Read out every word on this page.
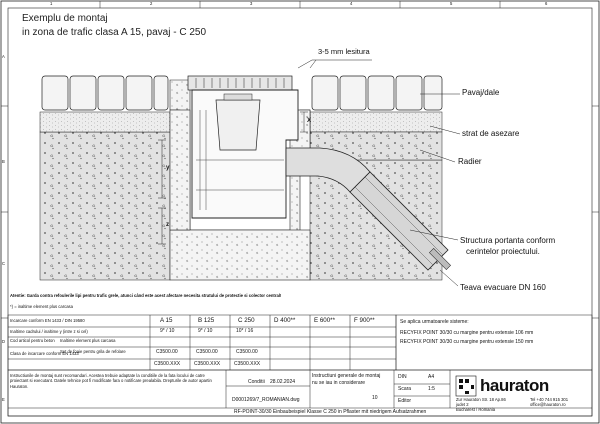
Exemplu de montaj
in zona de trafic clasa A 15, pavaj - C 250
1	2	3	4	5	6
A
B
C
D
E
3-5 mm lesitura
Pavaj/dale
strat de asezare
Radier
Structura portanta conform
cerintelor proiectului.
Teava evacuare DN 160
X
y
z
Atentie: Garda contra refoulerile lipi pentru trafic grele, atunci când este acest afectare necesita stratului de protectie si colector central!
*) = inaltime element plus carcasa
Incarcare conform EN 1433 / DIN 19580	A 15	B 125	C 250	D 400**	E 600**	F 900**
Inaltime cadrului / inaltime y (intre z si cel)	9* / 10	9* / 10	10* / 16
Cod articol pentru beton Inaltime element plus carcasa
Set de foaie pentru grila de refolare
Clasa de incarcare conform EN 1433	C3500.00	C3500.00	C3500.00
C3500.XXX	C3500.XXX	C3500.XXX
Se aplica urmatoarele sisteme:
RECYFIX POINT 30/30 cu margine pentru extensie 106 mm
RECYFIX POINT 30/30 cu margine pentru extensie 150 mm
Instructiunile de montaj sunt recomandari. Acestea trebuie adaptate la conditiile de la fata locului de catre proiectant si executant. Datele tehnice pot fi modificate fara o notificare prealabila. Drepturile de autor apartin Hauraton.
Conditii 28.02.2024
Instructiuni generale de montaj
nu se iau in considerare
10
DIN	A4
Scara	1:5
Editor
D0001269/7_ROMANIAN.dwg
RF-POINT-30/30 Einbaubeispiel Klasse C 250 in Pflaster mit niedrigem Aufsatzrahmen
hauraton
Zur Hauraton Str. 18 Ap.86
judet 2
Bucharest / Romania
Tel +40 744 915 301
office@hauraton.ro
